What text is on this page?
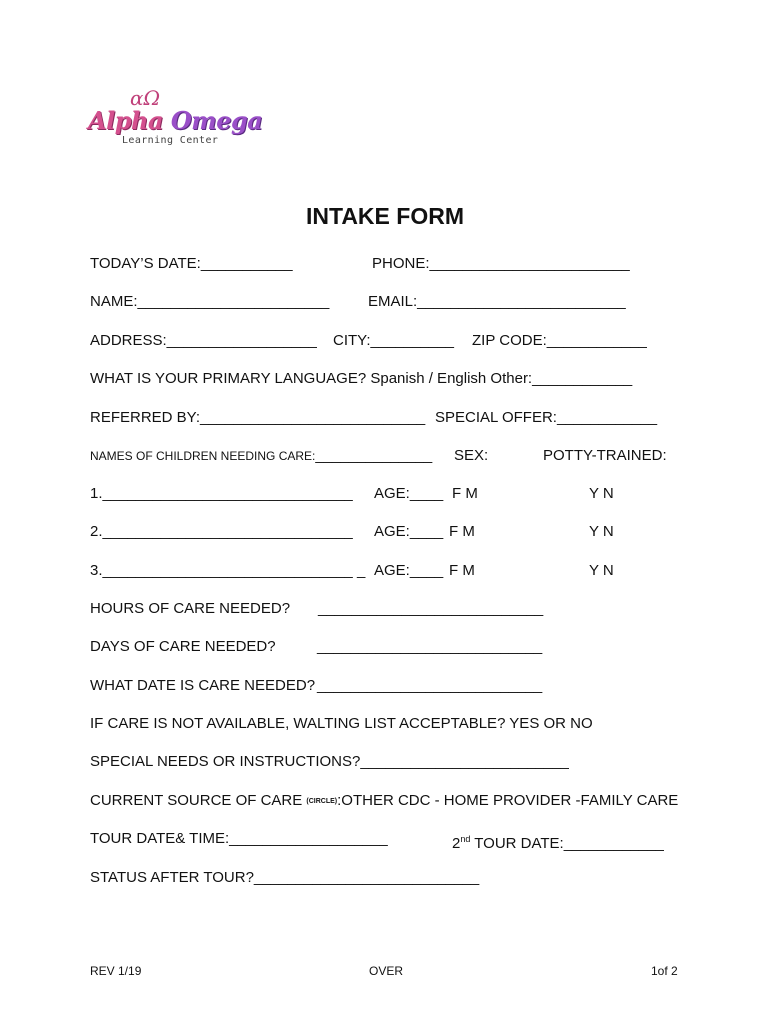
αΩ
Alpha Omega
Learning Center
INTAKE FORM
TODAY’S DATE:___________	PHONE:________________________
NAME:_______________________	EMAIL:_________________________
ADDRESS:__________________ CITY:__________ ZIP CODE:____________
WHAT IS YOUR PRIMARY LANGUAGE? Spanish / English Other:____________
REFERRED BY:___________________________ SPECIAL OFFER:____________
NAMES OF CHILDREN NEEDING CARE:______________ SEX:	POTTY-TRAINED:
1.______________________________ AGE:____ F M	Y N
2.______________________________ AGE:____ F M	Y N
3.______________________________ _ AGE:____ F M	Y N
HOURS OF CARE NEEDED? ___________________________
DAYS OF CARE NEEDED?	___________________________
WHAT DATE IS CARE NEEDED? ___________________________
IF CARE IS NOT AVAILABLE, WALTING LIST ACCEPTABLE? YES OR NO
SPECIAL NEEDS OR INSTRUCTIONS?_________________________
CURRENT SOURCE OF CARE (CIRCLE):OTHER CDC - HOME PROVIDER -FAMILY CARE
TOUR DATE& TIME:___________________	2nd TOUR DATE:____________
STATUS AFTER TOUR?___________________________
REV 1/19	OVER	1of 2
